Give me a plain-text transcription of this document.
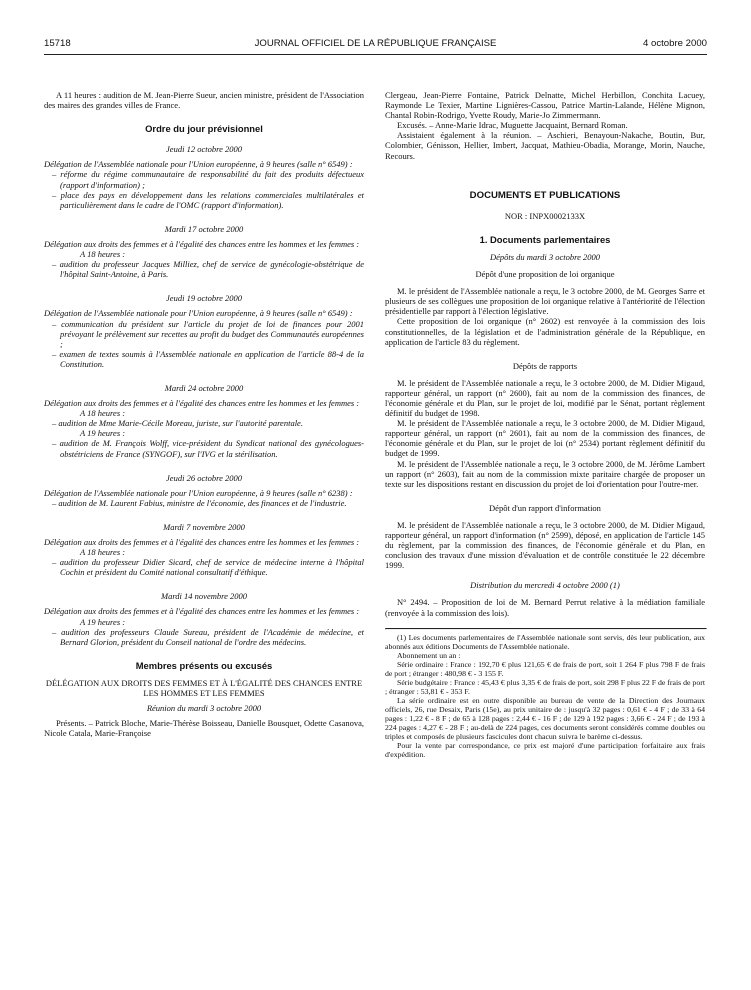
15718	JOURNAL OFFICIEL DE LA RÉPUBLIQUE FRANÇAISE	4 octobre 2000

A 11 heures : audition de M. Jean-Pierre Sueur, ancien ministre, président de l'Association des maires des grandes villes de France.

Ordre du jour prévisionnel

Jeudi 12 octobre 2000

Délégation de l'Assemblée nationale pour l'Union européenne, à 9 heures (salle n° 6549) :

– réforme du régime communautaire de responsabilité du fait des produits défectueux (rapport d'information) ;

– place des pays en développement dans les relations commerciales multilatérales et particulièrement dans le cadre de l'OMC (rapport d'information).

Mardi 17 octobre 2000

Délégation aux droits des femmes et à l'égalité des chances entre les hommes et les femmes :

A 18 heures :

– audition du professeur Jacques Milliez, chef de service de gynécologie-obstétrique de l'hôpital Saint-Antoine, à Paris.

Jeudi 19 octobre 2000

Délégation de l'Assemblée nationale pour l'Union européenne, à 9 heures (salle n° 6549) :

– communication du président sur l'article du projet de loi de finances pour 2001 prévoyant le prélèvement sur recettes au profit du budget des Communautés européennes ;

– examen de textes soumis à l'Assemblée nationale en application de l'article 88-4 de la Constitution.

Mardi 24 octobre 2000

Délégation aux droits des femmes et à l'égalité des chances entre les hommes et les femmes :

A 18 heures :

– audition de Mme Marie-Cécile Moreau, juriste, sur l'autorité parentale.

A 19 heures :

– audition de M. François Wolff, vice-président du Syndicat national des gynécologues-obstétriciens de France (SYNGOF), sur l'IVG et la stérilisation.

Jeudi 26 octobre 2000

Délégation de l'Assemblée nationale pour l'Union européenne, à 9 heures (salle n° 6238) :

– audition de M. Laurent Fabius, ministre de l'économie, des finances et de l'industrie.

Mardi 7 novembre 2000

Délégation aux droits des femmes et à l'égalité des chances entre les hommes et les femmes :

A 18 heures :

– audition du professeur Didier Sicard, chef de service de médecine interne à l'hôpital Cochin et président du Comité national consultatif d'éthique.

Mardi 14 novembre 2000

Délégation aux droits des femmes et à l'égalité des chances entre les hommes et les femmes :

A 19 heures :

– audition des professeurs Claude Sureau, président de l'Académie de médecine, et Bernard Glorion, président du Conseil national de l'ordre des médecins.

Membres présents ou excusés

DÉLÉGATION AUX DROITS DES FEMMES ET À L'ÉGALITÉ DES CHANCES ENTRE LES HOMMES ET LES FEMMES

Réunion du mardi 3 octobre 2000

Présents. – Patrick Bloche, Marie-Thérèse Boisseau, Danielle Bousquet, Odette Casanova, Nicole Catala, Marie-Françoise

Clergeau, Jean-Pierre Fontaine, Patrick Delnatte, Michel Herbillon, Conchita Lacuey, Raymonde Le Texier, Martine Lignières-Cassou, Patrice Martin-Lalande, Hélène Mignon, Chantal Robin-Rodrigo, Yvette Roudy, Marie-Jo Zimmermann.

Excusés. – Anne-Marie Idrac, Muguette Jacquaint, Bernard Roman.

Assistaient également à la réunion. – Aschieri, Benayoun-Nakache, Boutin, Bur, Colombier, Génisson, Hellier, Imbert, Jacquat, Mathieu-Obadia, Morange, Morin, Nauche, Recours.

DOCUMENTS ET PUBLICATIONS

NOR : INPX0002133X

1. Documents parlementaires

Dépôts du mardi 3 octobre 2000

Dépôt d'une proposition de loi organique

M. le président de l'Assemblée nationale a reçu, le 3 octobre 2000, de M. Georges Sarre et plusieurs de ses collègues une proposition de loi organique relative à l'antériorité de l'élection présidentielle par rapport à l'élection législative.

Cette proposition de loi organique (n° 2602) est renvoyée à la commission des lois constitutionnelles, de la législation et de l'administration générale de la République, en application de l'article 83 du règlement.

Dépôts de rapports

M. le président de l'Assemblée nationale a reçu, le 3 octobre 2000, de M. Didier Migaud, rapporteur général, un rapport (n° 2600), fait au nom de la commission des finances, de l'économie générale et du Plan, sur le projet de loi, modifié par le Sénat, portant règlement définitif du budget de 1998.

M. le président de l'Assemblée nationale a reçu, le 3 octobre 2000, de M. Didier Migaud, rapporteur général, un rapport (n° 2601), fait au nom de la commission des finances, de l'économie générale et du Plan, sur le projet de loi (n° 2534) portant règlement définitif du budget de 1999.

M. le président de l'Assemblée nationale a reçu, le 3 octobre 2000, de M. Jérôme Lambert un rapport (n° 2603), fait au nom de la commission mixte paritaire chargée de proposer un texte sur les dispositions restant en discussion du projet de loi d'orientation pour l'outre-mer.

Dépôt d'un rapport d'information

M. le président de l'Assemblée nationale a reçu, le 3 octobre 2000, de M. Didier Migaud, rapporteur général, un rapport d'information (n° 2599), déposé, en application de l'article 145 du règlement, par la commission des finances, de l'économie générale et du Plan, en conclusion des travaux d'une mission d'évaluation et de contrôle constituée le 22 décembre 1999.

Distribution du mercredi 4 octobre 2000 (1)

N° 2494. – Proposition de loi de M. Bernard Perrut relative à la médiation familiale (renvoyée à la commission des lois).

(1) Les documents parlementaires de l'Assemblée nationale sont servis, dès leur publication, aux abonnés aux éditions Documents de l'Assemblée nationale.

Abonnement un an :

Série ordinaire : France : 192,70 € plus 121,65 € de frais de port, soit 1 264 F plus 798 F de frais de port ; étranger : 480,98 € - 3 155 F.

Série budgétaire : France : 45,43 € plus 3,35 € de frais de port, soit 298 F plus 22 F de frais de port ; étranger : 53,81 € - 353 F.

La série ordinaire est en outre disponible au bureau de vente de la Direction des Journaux officiels, 26, rue Desaix, Paris (15e), au prix unitaire de : jusqu'à 32 pages : 0,61 € - 4 F ; de 33 à 64 pages : 1,22 € - 8 F ; de 65 à 128 pages : 2,44 € - 16 F ; de 129 à 192 pages : 3,66 € - 24 F ; de 193 à 224 pages : 4,27 € - 28 F ; au-delà de 224 pages, ces documents seront considérés comme doubles ou triples et composés de plusieurs fascicules dont chacun suivra le barème ci-dessus.

Pour la vente par correspondance, ce prix est majoré d'une participation forfaitaire aux frais d'expédition.
